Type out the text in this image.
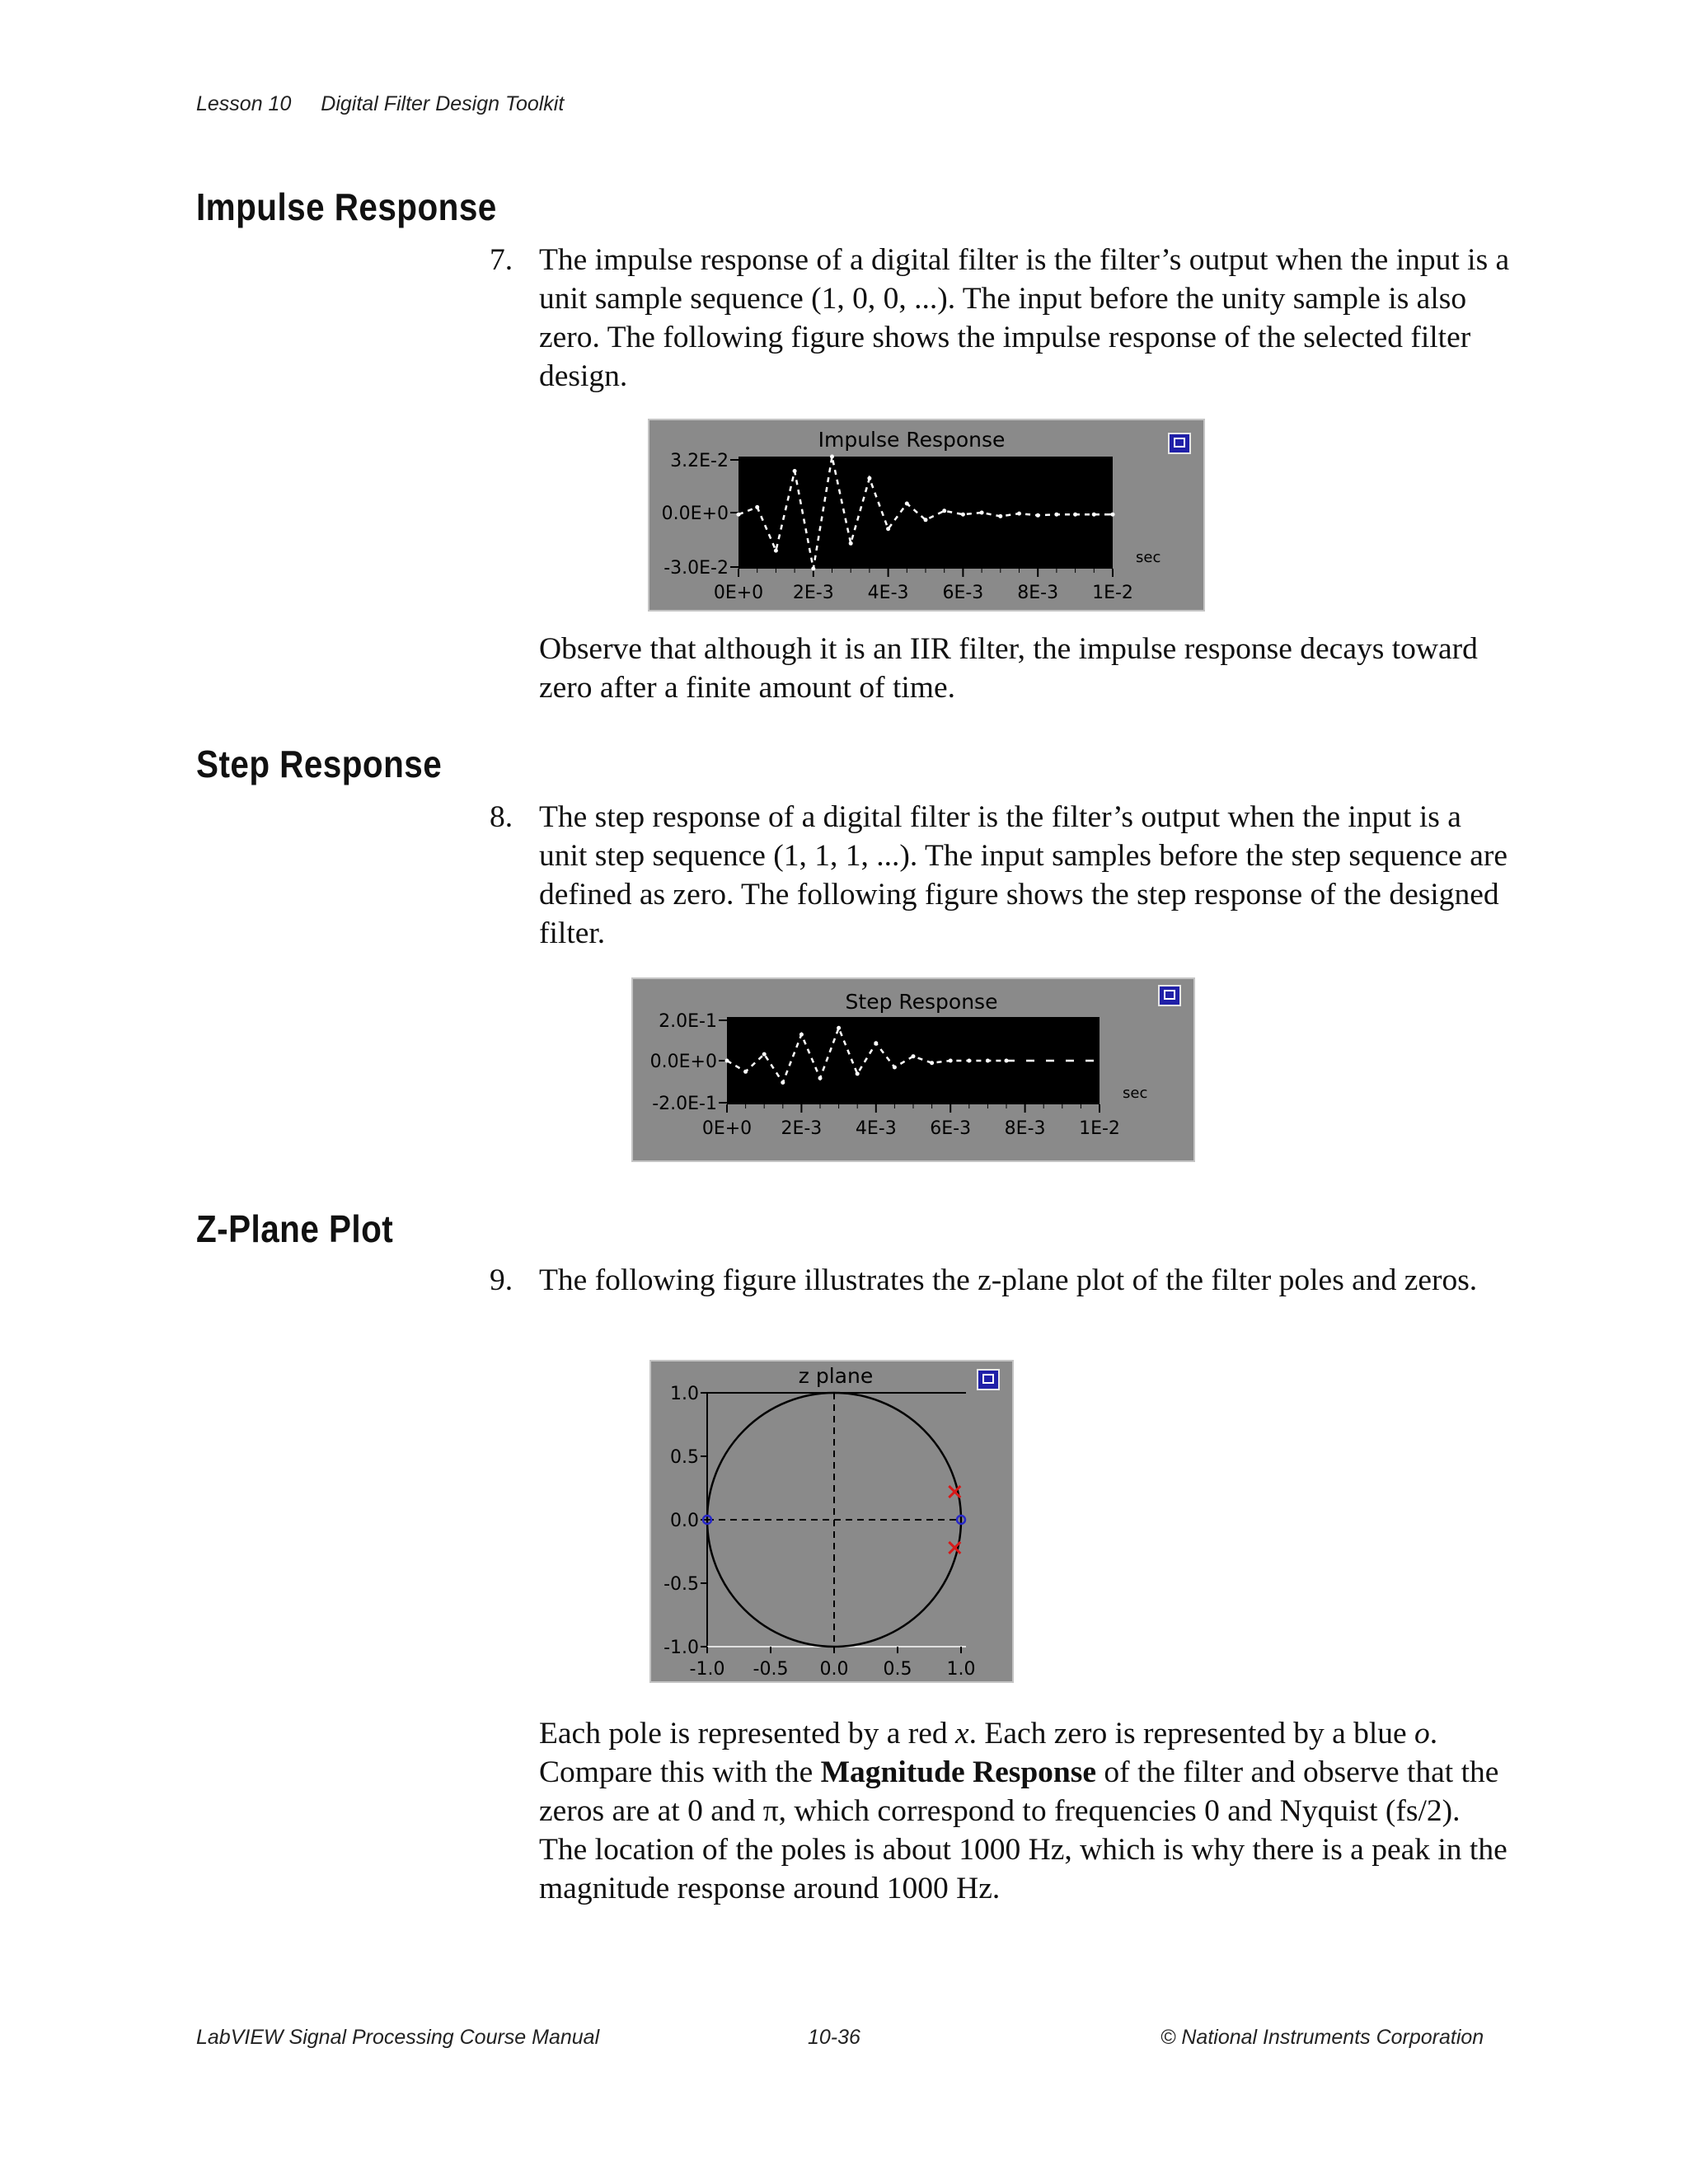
Lesson 10 Digital Filter Design Toolkit
Impulse Response
7. The impulse response of a digital filter is the filter’s output when the input is a unit sample sequence (1, 0, 0, ...). The input before the unity sample is also zero. The following figure shows the impulse response of the selected filter design.
Impulse Response
3.2E-2
0.0E+0
-3.0E-2
0E+0 2E-3 4E-3 6E-3 8E-3 1E-2
sec
Observe that although it is an IIR filter, the impulse response decays toward zero after a finite amount of time.
Step Response
8. The step response of a digital filter is the filter’s output when the input is a unit step sequence (1, 1, 1, ...). The input samples before the step sequence are defined as zero. The following figure shows the step response of the designed filter.
Step Response
2.0E-1
0.0E+0
-2.0E-1
0E+0 2E-3 4E-3 6E-3 8E-3 1E-2
sec
Z-Plane Plot
9. The following figure illustrates the z-plane plot of the filter poles and zeros.
z plane
1.0
0.5
0.0
-0.5
-1.0
-1.0 -0.5 0.0 0.5 1.0
Each pole is represented by a red x. Each zero is represented by a blue o. Compare this with the Magnitude Response of the filter and observe that the zeros are at 0 and π, which correspond to frequencies 0 and Nyquist (fs/2). The location of the poles is about 1000 Hz, which is why there is a peak in the magnitude response around 1000 Hz.
LabVIEW Signal Processing Course Manual	10-36	© National Instruments Corporation
